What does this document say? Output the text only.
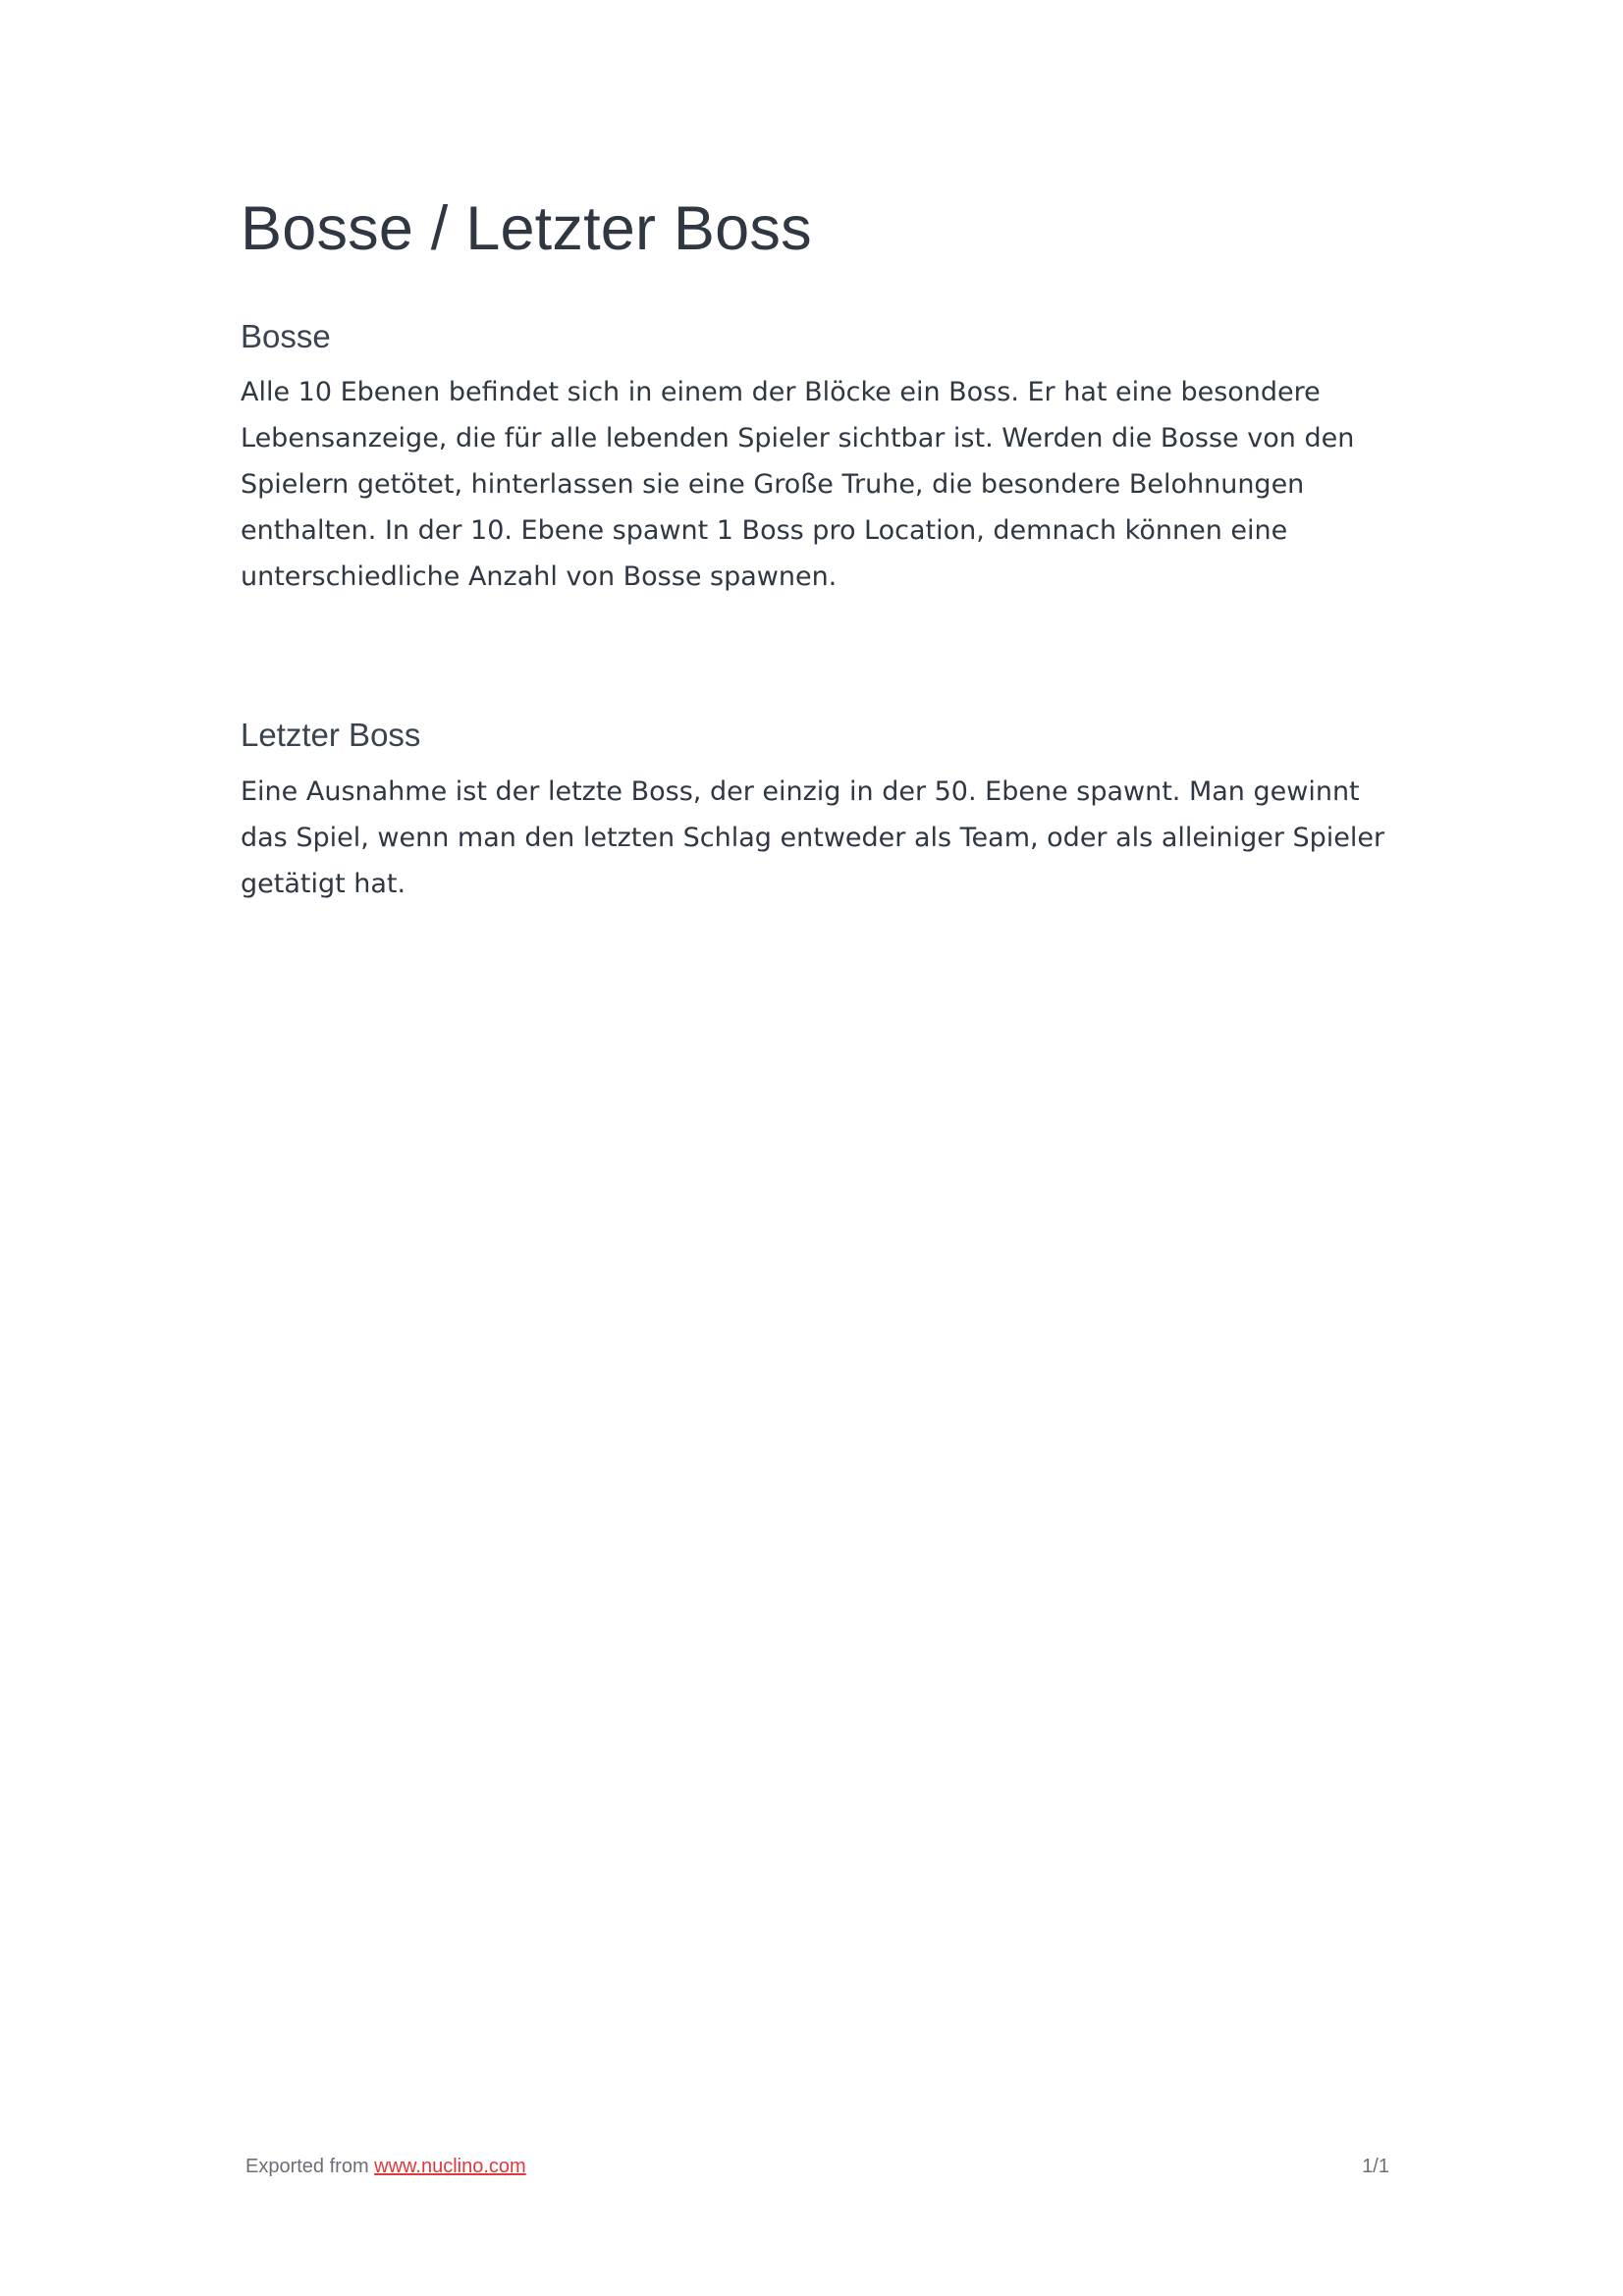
Bosse / Letzter Boss
Bosse

Alle 10 Ebenen befindet sich in einem der Blöcke ein Boss. Er hat eine besondere Lebensanzeige, die für alle lebenden Spieler sichtbar ist. Werden die Bosse von den Spielern getötet, hinterlassen sie eine Große Truhe, die besondere Belohnungen enthalten. In der 10. Ebene spawnt 1 Boss pro Location, demnach können eine unterschiedliche Anzahl von Bosse spawnen.

Letzter Boss

Eine Ausnahme ist der letzte Boss, der einzig in der 50. Ebene spawnt. Man gewinnt das Spiel, wenn man den letzten Schlag entweder als Team, oder als alleiniger Spieler getätigt hat.

Exported from www.nuclino.com	1/1
